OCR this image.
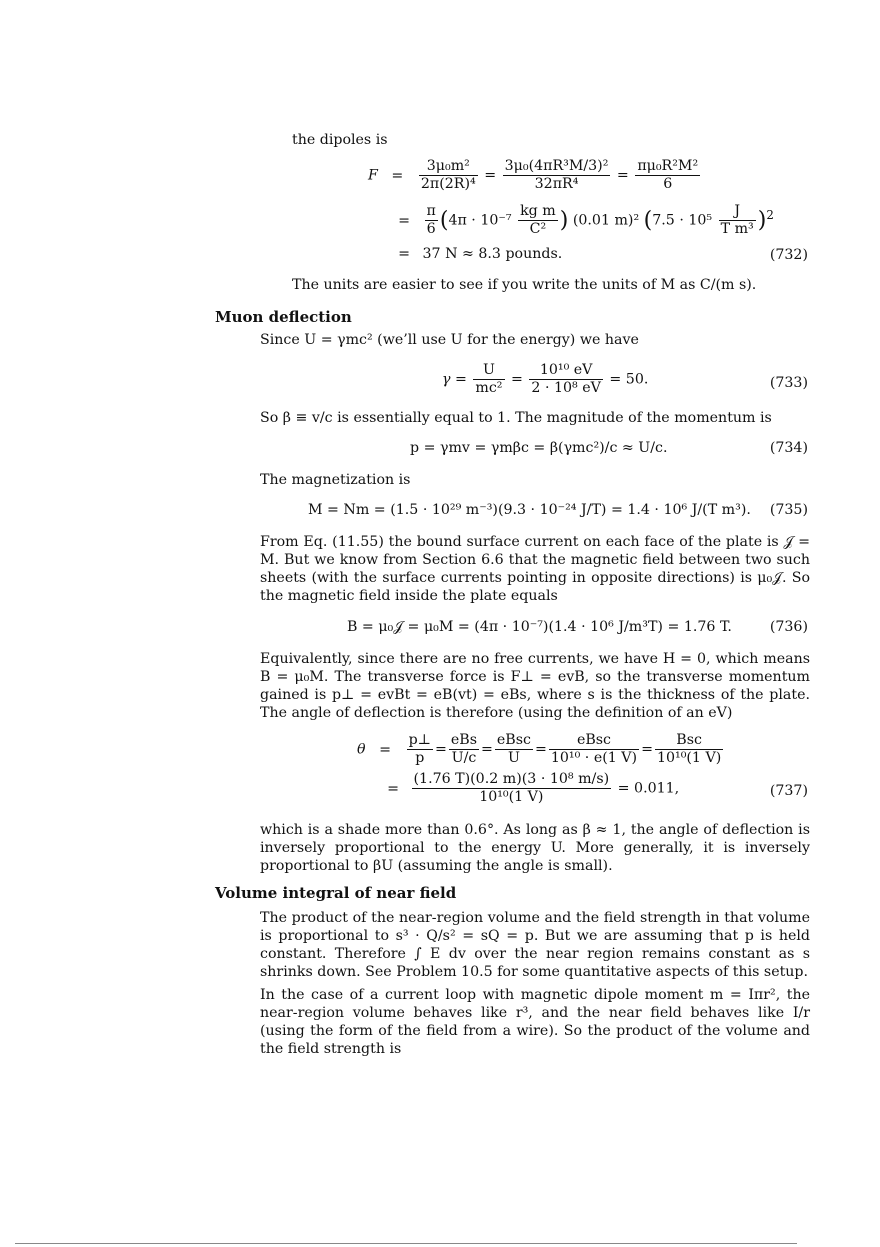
the dipoles is
$F = \frac{\text{3μ₀m²}}{\text{2π(2R)⁴}} = \frac{\text{3μ₀(4πR³M/3)²}}{\text{32πR⁴}} = \frac{\text{πμ₀R²M²}}{6}$
= $\frac{\pi}{6} (4\pi \cdot 10^{-7} \frac{\text{kg m}}{\text{C²}}$ ) (0.01 m)² $(7.5 \cdot 10^5 \frac{J}{\text{T m³}} )^2$
= 37 N ≈ 8.3 pounds.	(732)
The units are easier to see if you write the units of M as C/(m s).
Muon deflection
Since U = γmc² (we’ll use U for the energy) we have
$\gamma = \frac{U}{\text{mc²}} = \frac{\text{10¹⁰ eV}}{\text{2 · 10⁸ eV}} = 50$.	(733)
So β ≡ v/c is essentially equal to 1. The magnitude of the momentum is
p = γmv = γmβc = β(γmc²)/c ≈ U/c.	(734)
The magnetization is
M = Nm = (1.5 · 10²⁹ m⁻³)(9.3 · 10⁻²⁴ J/T) = 1.4 · 10⁶ J/(T m³). (735)
From Eq. (11.55) the bound surface current on each face of the plate is 𝒥 = M. But we know from Section 6.6 that the magnetic field between two such sheets (with the surface currents pointing in opposite directions) is μ₀𝒥. So the magnetic field inside the plate equals
B = μ₀𝒥 = μ₀M = (4π · 10⁻⁷)(1.4 · 10⁶ J/m³T) = 1.76 T.	(736)
Equivalently, since there are no free currents, we have H = 0, which means B = μ₀M. The transverse force is F⊥ = evB, so the transverse momentum gained is p⊥ = evBt = eB(vt) = eBs, where s is the thickness of the plate. The angle of deflection is therefore (using the definition of an eV)
$\theta = \frac{p\perp}{p} = \frac{\text{eBs}}{U/c} = \frac{\text{eBsc}}{U} = \frac{\text{eBsc}}{\text{10¹⁰ · e(1 V)}} = \frac{\text{Bsc}}{\text{10¹⁰(1 V)}}$
= $\frac{\text{(1.76 T)(0.2 m)(3 · 10⁸ m/s)}}{\text{10¹⁰(1 V)}} = 0.011$,	(737)
which is a shade more than 0.6°. As long as β ≈ 1, the angle of deflection is inversely proportional to the energy U. More generally, it is inversely proportional to βU (assuming the angle is small).
Volume integral of near field
The product of the near-region volume and the field strength in that volume is proportional to s³ · Q/s² = sQ = p. But we are assuming that p is held constant. Therefore ∫ E dv over the near region remains constant as s shrinks down. See Problem 10.5 for some quantitative aspects of this setup.
In the case of a current loop with magnetic dipole moment m = Iπr², the near-region volume behaves like r³, and the near field behaves like I/r (using the form of the field from a wire). So the product of the volume and the field strength is
